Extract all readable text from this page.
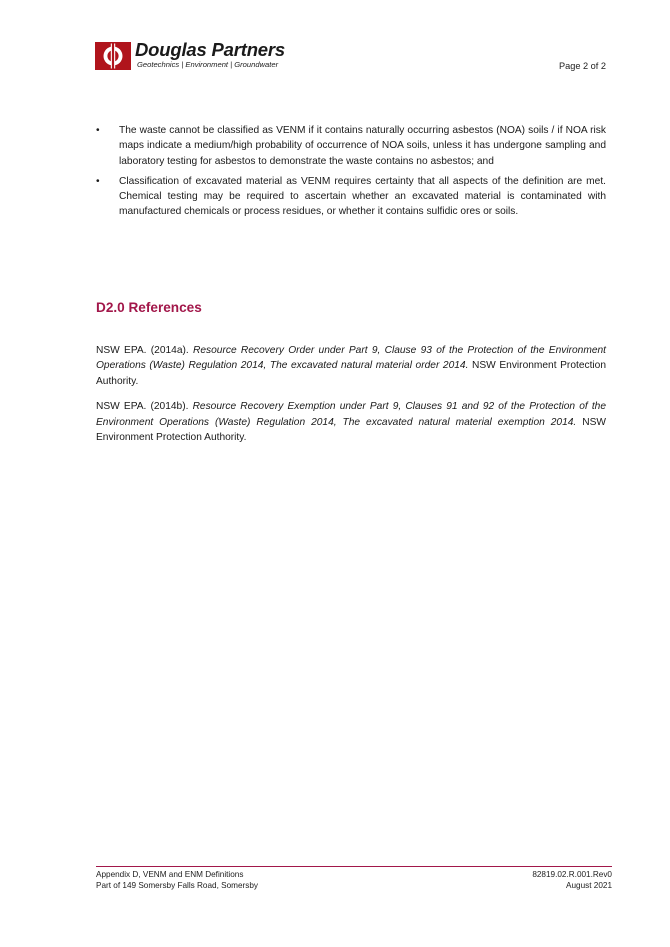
Douglas Partners
Geotechnics | Environment | Groundwater	Page 2 of 2
• The waste cannot be classified as VENM if it contains naturally occurring asbestos (NOA) soils / if NOA risk maps indicate a medium/high probability of occurrence of NOA soils, unless it has undergone sampling and laboratory testing for asbestos to demonstrate the waste contains no asbestos; and
• Classification of excavated material as VENM requires certainty that all aspects of the definition are met. Chemical testing may be required to ascertain whether an excavated material is contaminated with manufactured chemicals or process residues, or whether it contains sulfidic ores or soils.
D2.0 References

NSW EPA. (2014a). Resource Recovery Order under Part 9, Clause 93 of the Protection of the Environment Operations (Waste) Regulation 2014, The excavated natural material order 2014. NSW Environment Protection Authority.

NSW EPA. (2014b). Resource Recovery Exemption under Part 9, Clauses 91 and 92 of the Protection of the Environment Operations (Waste) Regulation 2014, The excavated natural material exemption 2014. NSW Environment Protection Authority.

Appendix D, VENM and ENM Definitions
Part of 149 Somersby Falls Road, Somersby
82819.02.R.001.Rev0
August 2021
